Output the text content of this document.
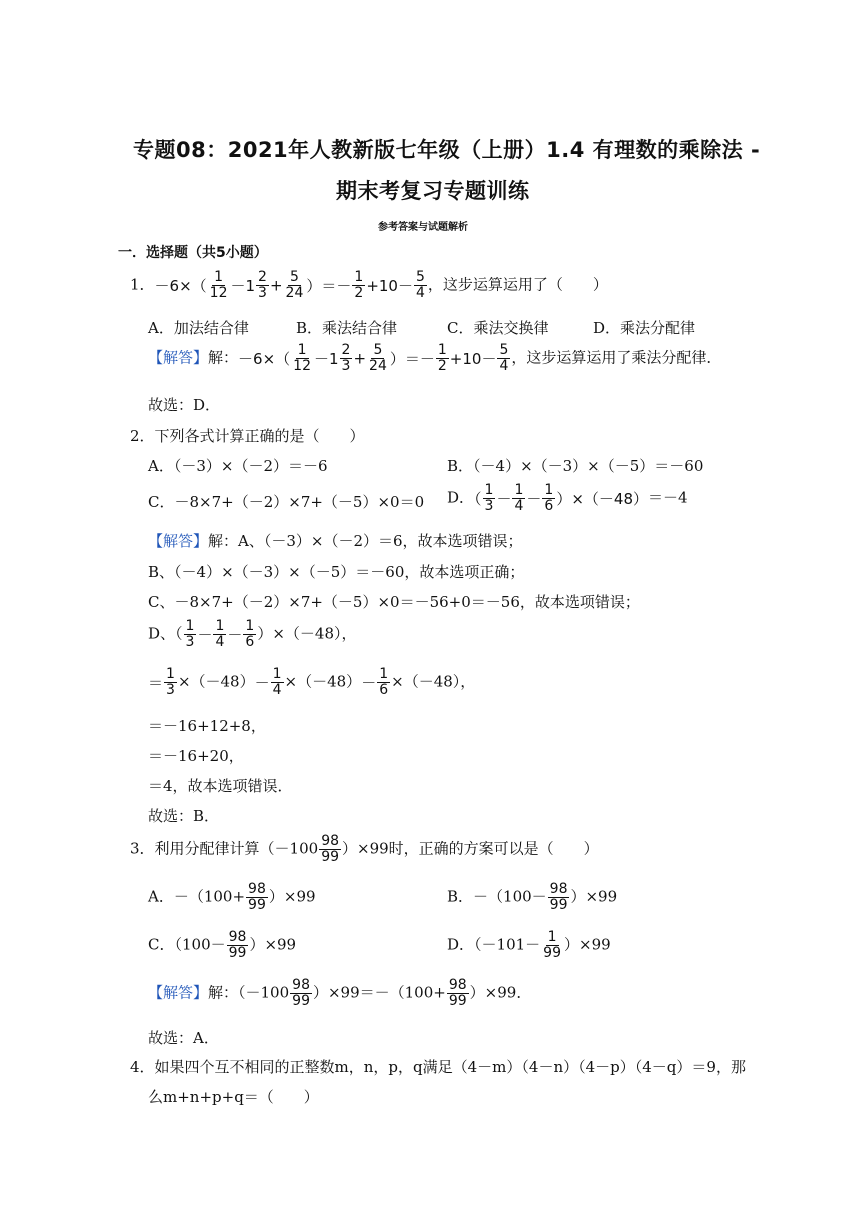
专题08：2021年人教新版七年级（上册）1.4 有理数的乘除法 -
期末考复习专题训练
参考答案与试题解析
一．选择题（共5小题）
1．$-6\times( \frac{1}{12} -1 \frac{2}{3} + \frac{5}{24}$ ）＝－ $\frac{1}{2} +10- \frac{5}{4}$ ，这步运算运用了（　　）
A．加法结合律	B．乘法结合律	C．乘法交换律	D．乘法分配律
【解答】解：$-6\times( \frac{1}{12} -1 \frac{2}{3} + \frac{5}{24}$ ）＝－ $\frac{1}{2} +10- \frac{5}{4}$ ，这步运算运用了乘法分配律．
故选：D．
2．下列各式计算正确的是（　　）
A．（－3）×（－2）＝－6	B．（－4）×（－3）×（－5）＝－60
C．－8×7+（－2）×7+（－5）×0＝0 D．（ $\frac{1}{3} - \frac{1}{4} - \frac{1}{6} )\times(-48)=-4$
【解答】解：A、（－3）×（－2）＝6，故本选项错误；
B、（－4）×（－3）×（－5）＝－60，故本选项正确；
C、－8×7+（－2）×7+（－5）×0＝－56+0＝－56，故本选项错误；
D、（ $\frac{1}{3} - \frac{1}{4} - \frac{1}{6} )\times(-48)$，
＝ $\frac{1}{3} \times(-48)- \frac{1}{4} \times(-48)- \frac{1}{6} \times(-48)$，
＝－16+12+8，
＝－16+20，
＝4，故本选项错误．
故选：B．
3．利用分配律计算$(-100 \frac{98}{99} )\times 99$时，正确的方案可以是（　　）
A．$-(100+ \frac{98}{99} )\times 99$	B．$-(100- \frac{98}{99} )\times 99$
C．$(100- \frac{98}{99} )\times 99$	D．$(-101- \frac{1}{99} )\times 99$
【解答】解：$(-100 \frac{98}{99} )\times 99=-(100+ \frac{98}{99} )\times 99$．
故选：A．
4．如果四个互不相同的正整数m，n，p，q满足（4－m）（4－n）（4－p）（4－q）＝9，那
么m+n+p+q＝（　　）
